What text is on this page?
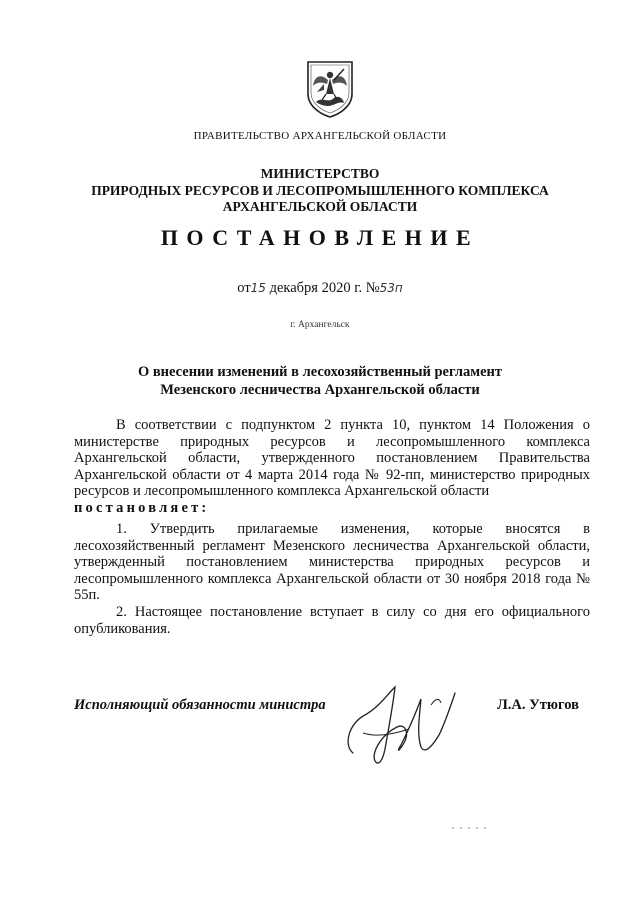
ПРАВИТЕЛЬСТВО АРХАНГЕЛЬСКОЙ ОБЛАСТИ
МИНИСТЕРСТВО
ПРИРОДНЫХ РЕСУРСОВ И ЛЕСОПРОМЫШЛЕННОГО КОМПЛЕКСА
АРХАНГЕЛЬСКОЙ ОБЛАСТИ
ПОСТАНОВЛЕНИЕ
от15 декабря 2020 г. №53п
г. Архангельск
О внесении изменений в лесохозяйственный регламент
Мезенского лесничества Архангельской области
В соответствии с подпунктом 2 пункта 10, пунктом 14 Положения о министерстве природных ресурсов и лесопромышленного комплекса Архангельской области, утвержденного постановлением Правительства Архангельской области от 4 марта 2014 года № 92-пп, министерство природных ресурсов и лесопромышленного комплекса Архангельской области
постановляет:
1. Утвердить прилагаемые изменения, которые вносятся в лесохозяйственный регламент Мезенского лесничества Архангельской области, утвержденный постановлением министерства природных ресурсов и лесопромышленного комплекса Архангельской области от 30 ноября 2018 года № 55п.
2. Настоящее постановление вступает в силу со дня его официального опубликования.
Исполняющий обязанности министра	Л.А. Утюгов
